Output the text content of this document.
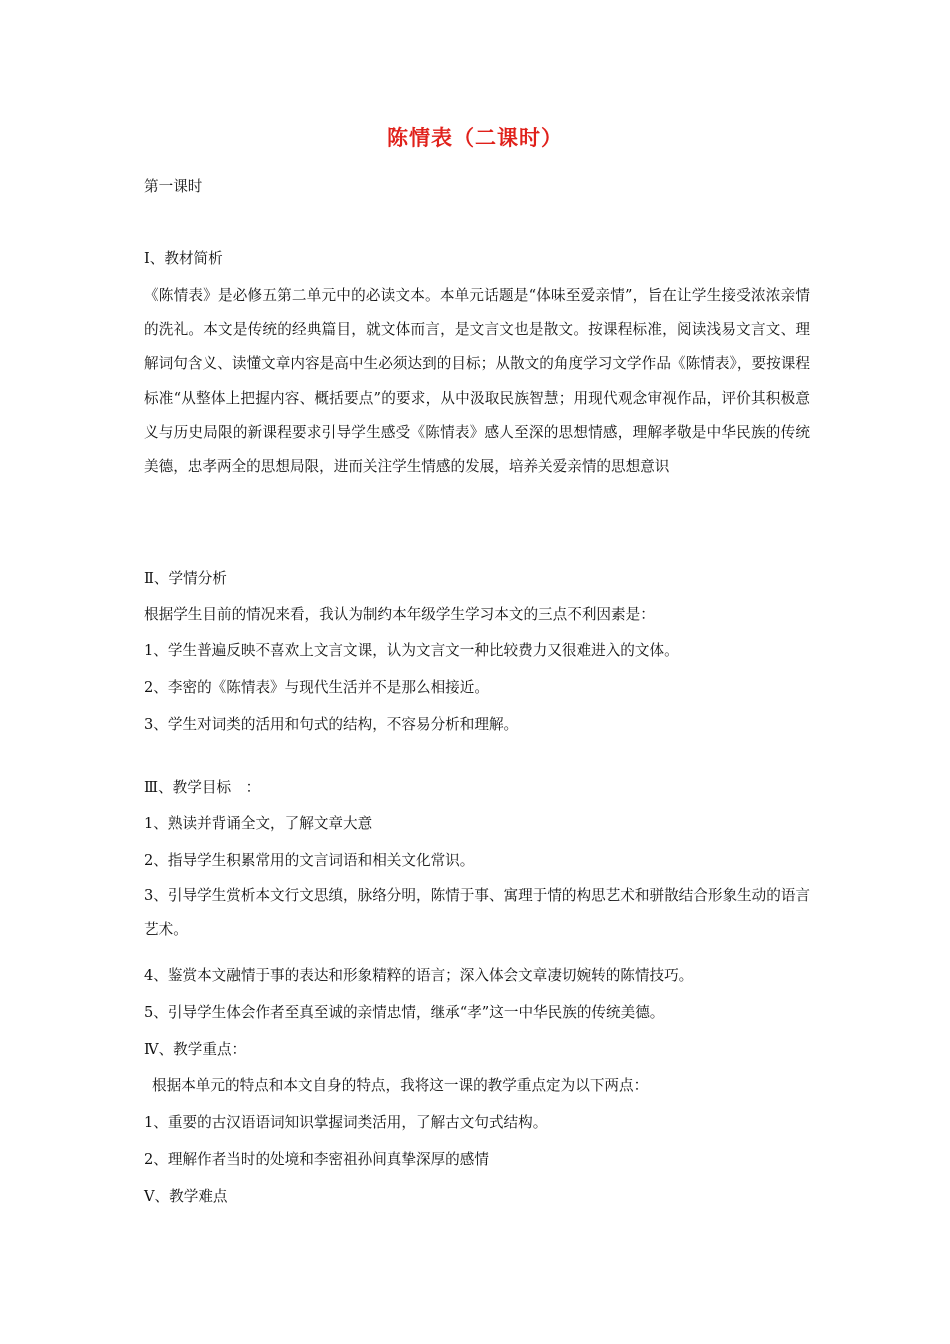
陈情表（二课时）
第一课时
Ⅰ、教材简析

《陈情表》是必修五第二单元中的必读文本。本单元话题是“体味至爱亲情”，旨在让学生接受浓浓亲情的洗礼。本文是传统的经典篇目，就文体而言，是文言文也是散文。按课程标准，阅读浅易文言文、理解词句含义、读懂文章内容是高中生必须达到的目标；从散文的角度学习文学作品《陈情表》，要按课程标准“从整体上把握内容、概括要点”的要求，从中汲取民族智慧；用现代观念审视作品，评价其积极意义与历史局限的新课程要求引导学生感受《陈情表》感人至深的思想情感，理解孝敬是中华民族的传统美德，忠孝两全的思想局限，进而关注学生情感的发展，培养关爱亲情的思想意识

Ⅱ、学情分析
根据学生目前的情况来看，我认为制约本年级学生学习本文的三点不利因素是：
1、学生普遍反映不喜欢上文言文课，认为文言文一种比较费力又很难进入的文体。
2、李密的《陈情表》与现代生活并不是那么相接近。
3、学生对词类的活用和句式的结构，不容易分析和理解。
Ⅲ、教学目标　：
1、熟读并背诵全文，了解文章大意
2、指导学生积累常用的文言词语和相关文化常识。

3、引导学生赏析本文行文思缜，脉络分明，陈情于事、寓理于情的构思艺术和骈散结合形象生动的语言艺术。

4、鉴赏本文融情于事的表达和形象精粹的语言；深入体会文章凄切婉转的陈情技巧。
5、引导学生体会作者至真至诚的亲情忠情，继承“孝”这一中华民族的传统美德。
Ⅳ、教学重点：
根据本单元的特点和本文自身的特点，我将这一课的教学重点定为以下两点：
1、重要的古汉语语词知识掌握词类活用，了解古文句式结构。
2、理解作者当时的处境和李密祖孙间真挚深厚的感情
Ⅴ、教学难点
